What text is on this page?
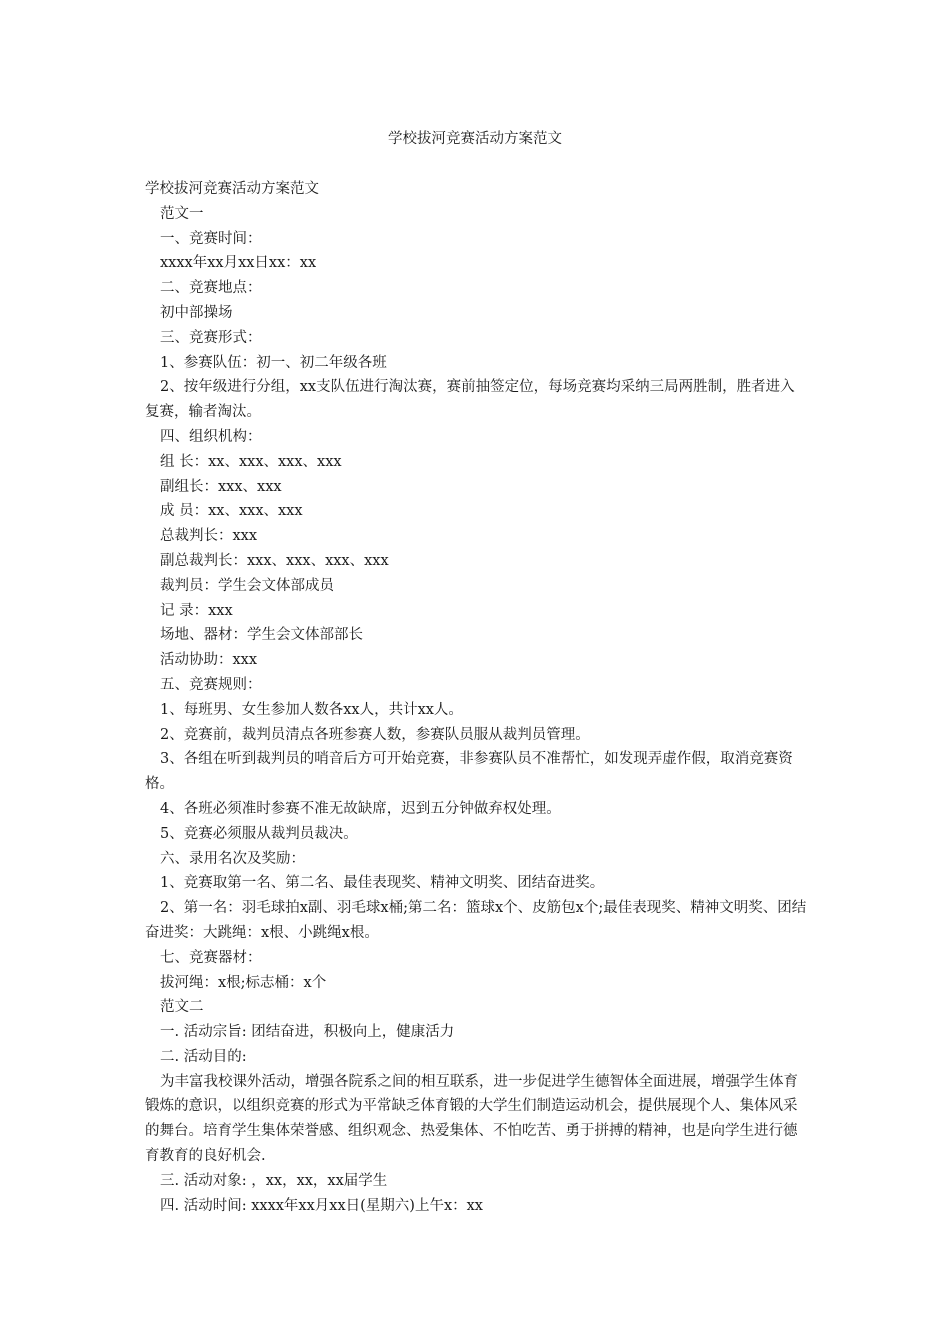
学校拔河竞赛活动方案范文

学校拔河竞赛活动方案范文

范文一

一、竞赛时间：

xxxx年xx月xx日xx：xx

二、竞赛地点：

初中部操场

三、竞赛形式：

1、参赛队伍：初一、初二年级各班

2、按年级进行分组，xx支队伍进行淘汰赛，赛前抽签定位，每场竞赛均采纳三局两胜制，胜者进入复赛，输者淘汰。

四、组织机构：

组 长：xx、xxx、xxx、xxx

副组长：xxx、xxx

成 员：xx、xxx、xxx

总裁判长：xxx

副总裁判长：xxx、xxx、xxx、xxx

裁判员：学生会文体部成员

记 录：xxx

场地、器材：学生会文体部部长

活动协助：xxx

五、竞赛规则：

1、每班男、女生参加人数各xx人，共计xx人。

2、竞赛前，裁判员清点各班参赛人数，参赛队员服从裁判员管理。

3、各组在听到裁判员的哨音后方可开始竞赛，非参赛队员不准帮忙，如发现弄虚作假，取消竞赛资格。

4、各班必须准时参赛不准无故缺席，迟到五分钟做弃权处理。

5、竞赛必须服从裁判员裁决。

六、录用名次及奖励：

1、竞赛取第一名、第二名、最佳表现奖、精神文明奖、团结奋进奖。

2、第一名：羽毛球拍x副、羽毛球x桶;第二名：篮球x个、皮筋包x个;最佳表现奖、精神文明奖、团结奋进奖：大跳绳：x根、小跳绳x根。

七、竞赛器材：

拔河绳：x根;标志桶：x个

范文二

一. 活动宗旨: 团结奋进，积极向上，健康活力

二. 活动目的:

为丰富我校课外活动，增强各院系之间的相互联系，进一步促进学生德智体全面进展，增强学生体育锻炼的意识，以组织竞赛的形式为平常缺乏体育锻的大学生们制造运动机会，提供展现个人、集体风采的舞台。培育学生集体荣誉感、组织观念、热爱集体、不怕吃苦、勇于拼搏的精神，也是向学生进行德育教育的良好机会.

三. 活动对象: ，xx，xx，xx届学生

四. 活动时间: xxxx年xx月xx日(星期六)上午x：xx
